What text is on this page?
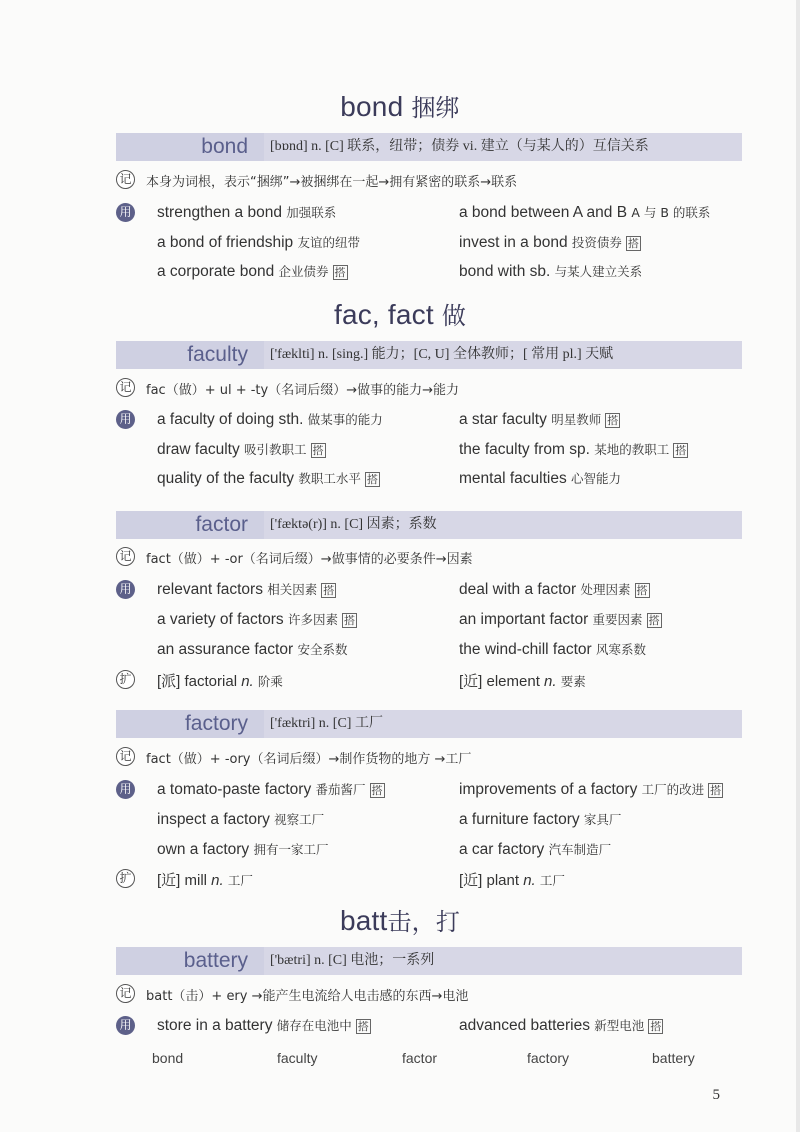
bond 捆绑
bond [bɒnd] n. [C] 联系，纽带；债券 vi. 建立（与某人的）互信关系
记 本身为词根，表示“捆绑”→被捆绑在一起→拥有紧密的联系→联系
用 strengthen a bond 加强联系	a bond between A and B A 与 B 的联系
a bond of friendship 友谊的纽带	invest in a bond 投资债券 搭
a corporate bond 企业债券 搭	bond with sb. 与某人建立关系
fac, fact 做
faculty ['fæklti] n. [sing.] 能力；[C, U] 全体教师；[ 常用 pl.] 天赋
记 fac（做）+ ul + -ty（名词后缀）→做事的能力→能力
用 a faculty of doing sth. 做某事的能力	a star faculty 明星教师 搭
draw faculty 吸引教职工 搭	the faculty from sp. 某地的教职工 搭
quality of the faculty 教职工水平 搭	mental faculties 心智能力
factor ['fæktə(r)] n. [C] 因素；系数
记 fact（做）+ -or（名词后缀）→做事情的必要条件→因素
用 relevant factors 相关因素 搭	deal with a factor 处理因素 搭
a variety of factors 许多因素 搭	an important factor 重要因素 搭
an assurance factor 安全系数	the wind-chill factor 风寒系数
扩 [派] factorial n. 阶乘	[近] element n. 要素
factory ['fæktri] n. [C] 工厂
记 fact（做）+ -ory（名词后缀）→制作货物的地方 →工厂
用 a tomato-paste factory 番茄酱厂 搭	improvements of a factory 工厂的改进 搭
inspect a factory 视察工厂	a furniture factory 家具厂
own a factory 拥有一家工厂	a car factory 汽车制造厂
扩 [近] mill n. 工厂	[近] plant n. 工厂
batt击，打
battery ['bætri] n. [C] 电池；一系列
记 batt（击）+ ery →能产生电流给人电击感的东西→电池
用 store in a battery 储存在电池中 搭	advanced batteries 新型电池 搭
bond	faculty	factor	factory	battery
5
